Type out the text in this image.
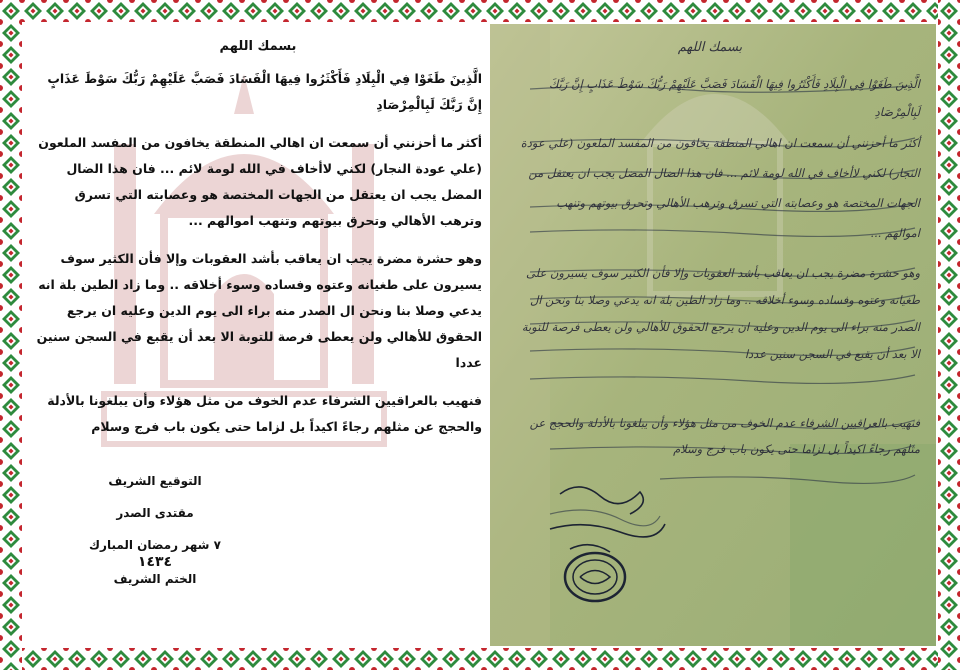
بسمك اللهم
الَّذِينَ طَغَوْا فِي الْبِلَادِ فَأَكْثَرُوا فِيهَا الْفَسَادَ فَصَبَّ عَلَيْهِمْ رَبُّكَ سَوْطَ عَذَابٍ إِنَّ رَبَّكَ لَبِالْمِرْصَادِ
أكثر ما أحزنني أن سمعت ان اهالي المنطقة يخافون من المفسد الملعون (علي عودة النجار) لكني لاأخاف في الله لومة لائم ... فان هذا الضال المضل يجب ان يعتقل من الجهات المختصة هو وعصابته التي تسرق وترهب الأهالي وتحرق بيوتهم وتنهب اموالهم ...
وهو حشرة مضرة يجب ان يعاقب بأشد العقوبات وإلا فأن الكثير سوف يسيرون على طغيانه وعتوه وفساده وسوء أخلاقه .. وما زاد الطين بلة انه يدعي وصلا بنا ونحن ال الصدر منه براء الى يوم الدين وعليه ان يرجع الحقوق للأهالي ولن يعطى فرصة للتوبة الا بعد أن يقبع في السجن سنين عددا
فنهيب بالعراقيين الشرفاء عدم الخوف من مثل هؤلاء وأن يبلغونا بالأدلة والحجج عن مثلهم رجاءً اكيداً بل لزاما حتى يكون باب فرج وسلام
التوقيع الشريف
مقتدى الصدر
٧ شهر رمضان المبارك
١٤٣٤
الختم الشريف
بسمك اللهم
الَّذِينَ طَغَوْا فِي الْبِلَادِ فَأَكْثَرُوا فِيهَا الْفَسَادَ فَصَبَّ عَلَيْهِمْ رَبُّكَ سَوْطَ عَذَابٍ إِنَّ رَبَّكَ لَبِالْمِرْصَادِ
أكثر ما أحزنني أن سمعت ان اهالي المنطقة يخافون من المفسد الملعون (علي عودة النجار) لكني لاأخاف في الله لومة لائم ... فان هذا الضال المضل يجب ان يعتقل من الجهات المختصة هو وعصابته التي تسرق وترهب الأهالي وتحرق بيوتهم وتنهب اموالهم ...
وهو حشرة مضرة يجب ان يعاقب بأشد العقوبات وإلا فأن الكثير سوف يسيرون على طغيانه وعتوه وفساده وسوء أخلاقه .. وما زاد الطين بلة انه يدعي وصلا بنا ونحن ال الصدر منه براء الى يوم الدين وعليه ان يرجع الحقوق للأهالي ولن يعطى فرصة للتوبة الا بعد أن يقبع في السجن سنين عددا
فنهيب بالعراقيين الشرفاء عدم الخوف من مثل هؤلاء وأن يبلغونا بالأدلة والحجج عن مثلهم رجاءً اكيداً بل لزاما حتى يكون باب فرج وسلام
